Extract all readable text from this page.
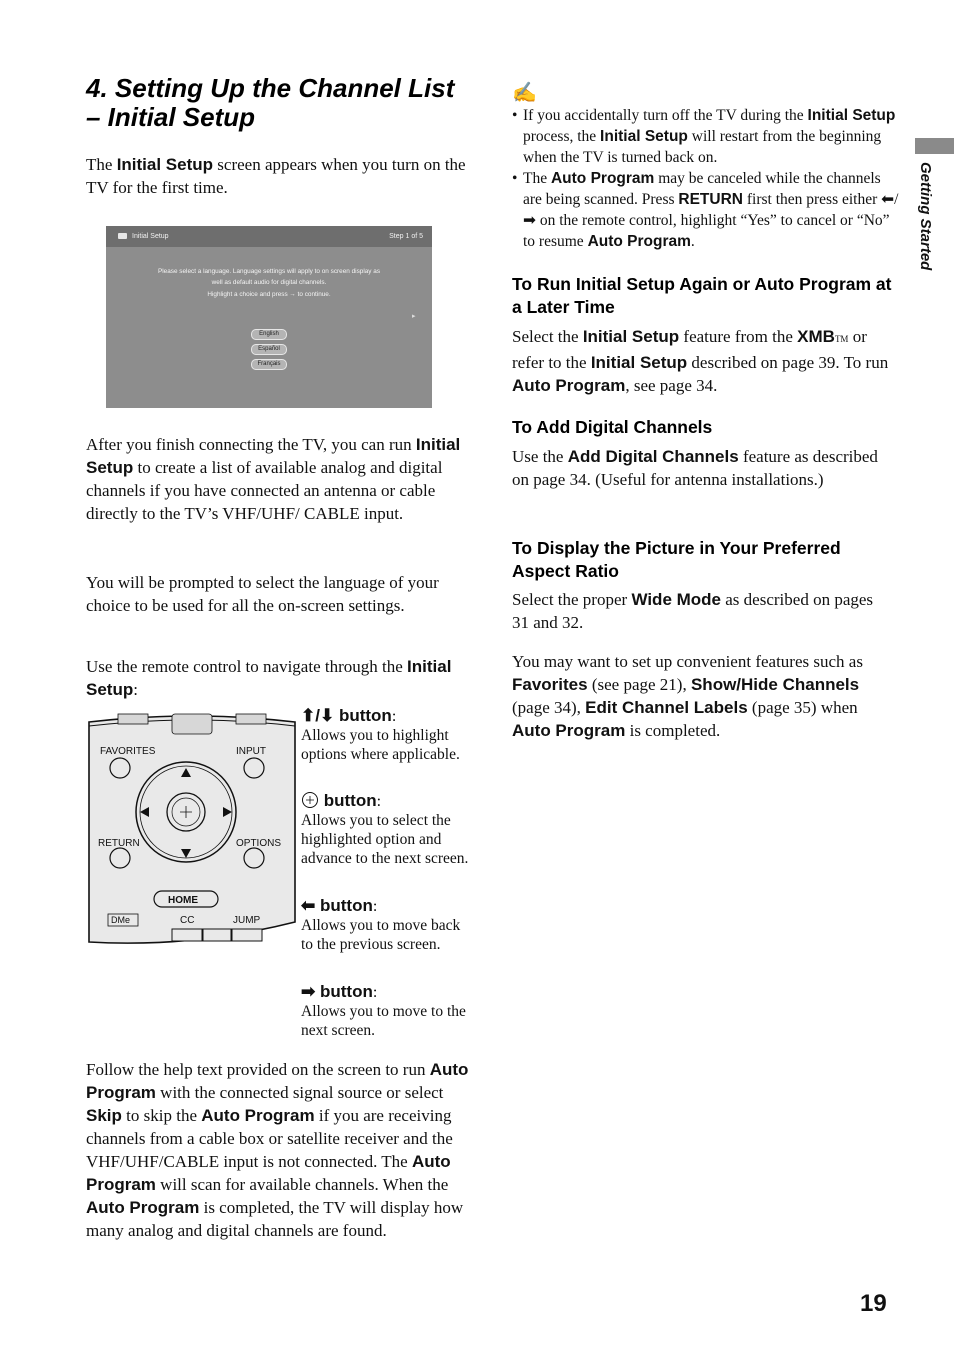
4. Setting Up the Channel List
– Initial Setup

The Initial Setup screen appears when you turn on the TV for the first time.

Initial Setup	Step 1 of 5
Please select a language. Language settings will apply to on screen display as
well as default audio for digital channels.
Highlight a choice and press → to continue.
▸
English
Español
Français

After you finish connecting the TV, you can run Initial Setup to create a list of available analog and digital channels if you have connected an antenna or cable directly to the TV’s VHF/UHF/ CABLE input.

You will be prompted to select the language of your choice to be used for all the on-screen settings.

Use the remote control to navigate through the Initial Setup:

FAVORITES	INPUT
RETURN	OPTIONS
HOME
DMe	CC	JUMP
⬆/⬇ button:
Allows you to highlight options where applicable.
button:
Allows you to select the highlighted option and advance to the next screen.
⬅ button:
Allows you to move back to the previous screen.
➡ button:
Allows you to move to the next screen.

Follow the help text provided on the screen to run Auto Program with the connected signal source or select Skip to skip the Auto Program if you are receiving channels from a cable box or satellite receiver and the VHF/UHF/CABLE input is not connected. The Auto Program will scan for available channels. When the Auto Program is completed, the TV will display how many analog and digital channels are found.

✍
• If you accidentally turn off the TV during the Initial Setup process, the Initial Setup will restart from the beginning when the TV is turned back on.
• The Auto Program may be canceled while the channels are being scanned. Press RETURN first then press either ⬅/➡ on the remote control, highlight “Yes” to cancel or “No” to resume Auto Program.
To Run Initial Setup Again or Auto Program at a Later Time

Select the Initial Setup feature from the XMBTM or refer to the Initial Setup described on page 39. To run Auto Program, see page 34.

To Add Digital Channels

Use the Add Digital Channels feature as described on page 34. (Useful for antenna installations.)

To Display the Picture in Your Preferred Aspect Ratio

Select the proper Wide Mode as described on pages 31 and 32.

You may want to set up convenient features such as Favorites (see page 21), Show/Hide Channels (page 34), Edit Channel Labels (page 35) when Auto Program is completed.

Getting Started
19
